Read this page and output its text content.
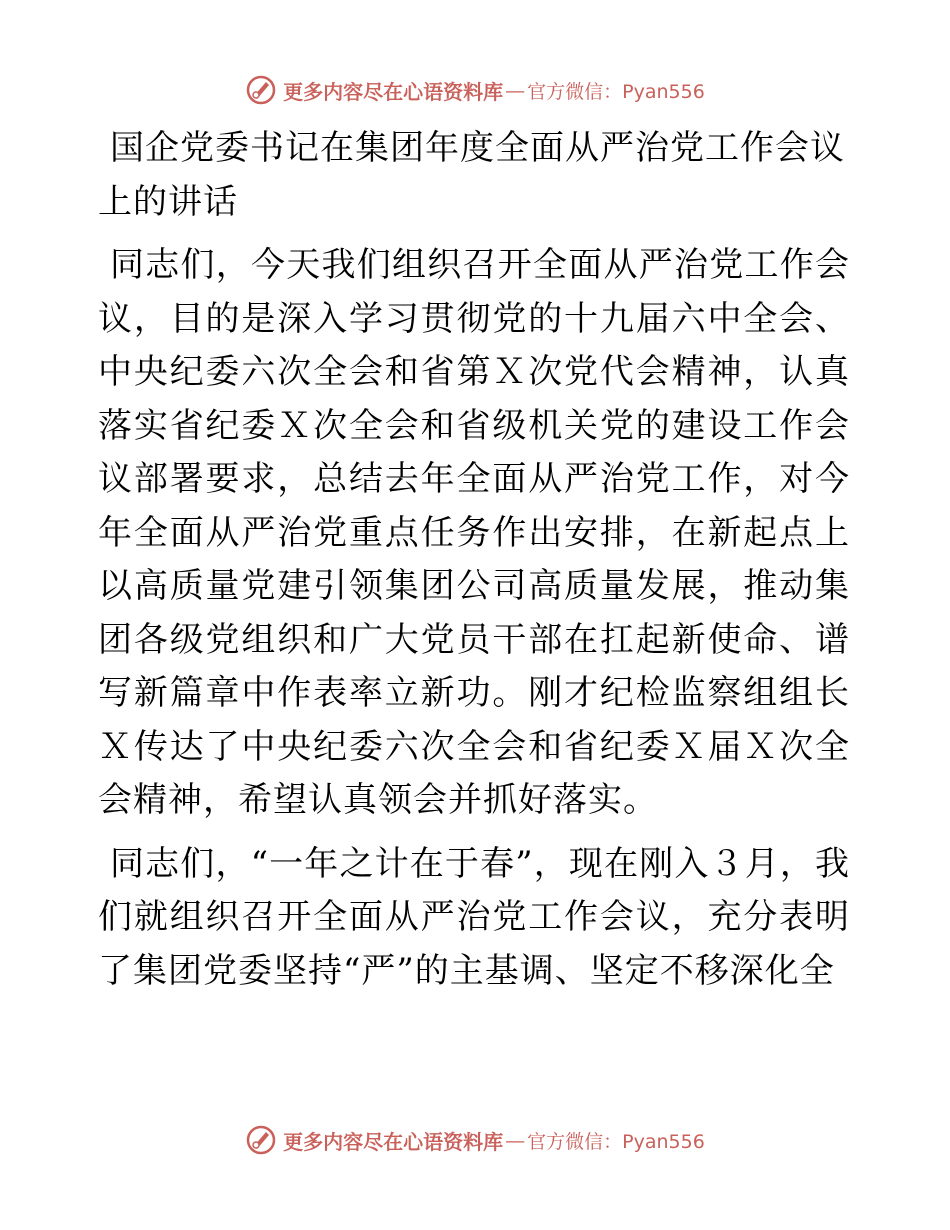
更多内容尽在心语资料库 — 官方微信：Pyan556

国企党委书记在集团年度全面从严治党工作会议上的讲话

同志们，今天我们组织召开全面从严治党工作会议，目的是深入学习贯彻党的十九届六中全会、中央纪委六次全会和省第Ｘ次党代会精神，认真落实省纪委Ｘ次全会和省级机关党的建设工作会议部署要求，总结去年全面从严治党工作，对今年全面从严治党重点任务作出安排，在新起点上以高质量党建引领集团公司高质量发展，推动集团各级党组织和广大党员干部在扛起新使命、谱写新篇章中作表率立新功。刚才纪检监察组组长Ｘ传达了中央纪委六次全会和省纪委Ｘ届Ｘ次全会精神，希望认真领会并抓好落实。

同志们，“一年之计在于春”，现在刚入３月，我们就组织召开全面从严治党工作会议，充分表明了集团党委坚持“严”的主基调、坚定不移深化全

更多内容尽在心语资料库 — 官方微信：Pyan556
